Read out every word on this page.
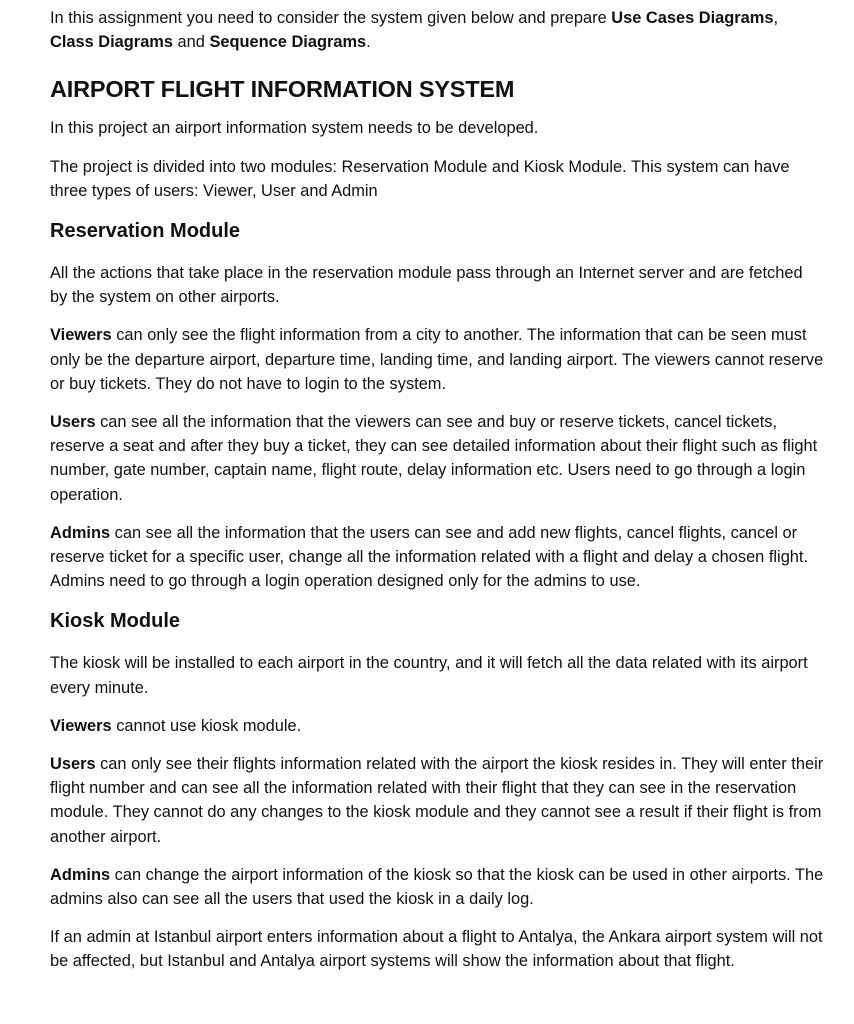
In this assignment you need to consider the system given below and prepare Use Cases Diagrams, Class Diagrams and Sequence Diagrams.

AIRPORT FLIGHT INFORMATION SYSTEM

In this project an airport information system needs to be developed.

The project is divided into two modules: Reservation Module and Kiosk Module. This system can have three types of users: Viewer, User and Admin

Reservation Module

All the actions that take place in the reservation module pass through an Internet server and are fetched by the system on other airports.

Viewers can only see the flight information from a city to another. The information that can be seen must only be the departure airport, departure time, landing time, and landing airport. The viewers cannot reserve or buy tickets. They do not have to login to the system.

Users can see all the information that the viewers can see and buy or reserve tickets, cancel tickets, reserve a seat and after they buy a ticket, they can see detailed information about their flight such as flight number, gate number, captain name, flight route, delay information etc. Users need to go through a login operation.

Admins can see all the information that the users can see and add new flights, cancel flights, cancel or reserve ticket for a specific user, change all the information related with a flight and delay a chosen flight. Admins need to go through a login operation designed only for the admins to use.

Kiosk Module

The kiosk will be installed to each airport in the country, and it will fetch all the data related with its airport every minute.

Viewers cannot use kiosk module.

Users can only see their flights information related with the airport the kiosk resides in. They will enter their flight number and can see all the information related with their flight that they can see in the reservation module. They cannot do any changes to the kiosk module and they cannot see a result if their flight is from another airport.

Admins can change the airport information of the kiosk so that the kiosk can be used in other airports. The admins also can see all the users that used the kiosk in a daily log.

If an admin at Istanbul airport enters information about a flight to Antalya, the Ankara airport system will not be affected, but Istanbul and Antalya airport systems will show the information about that flight.
